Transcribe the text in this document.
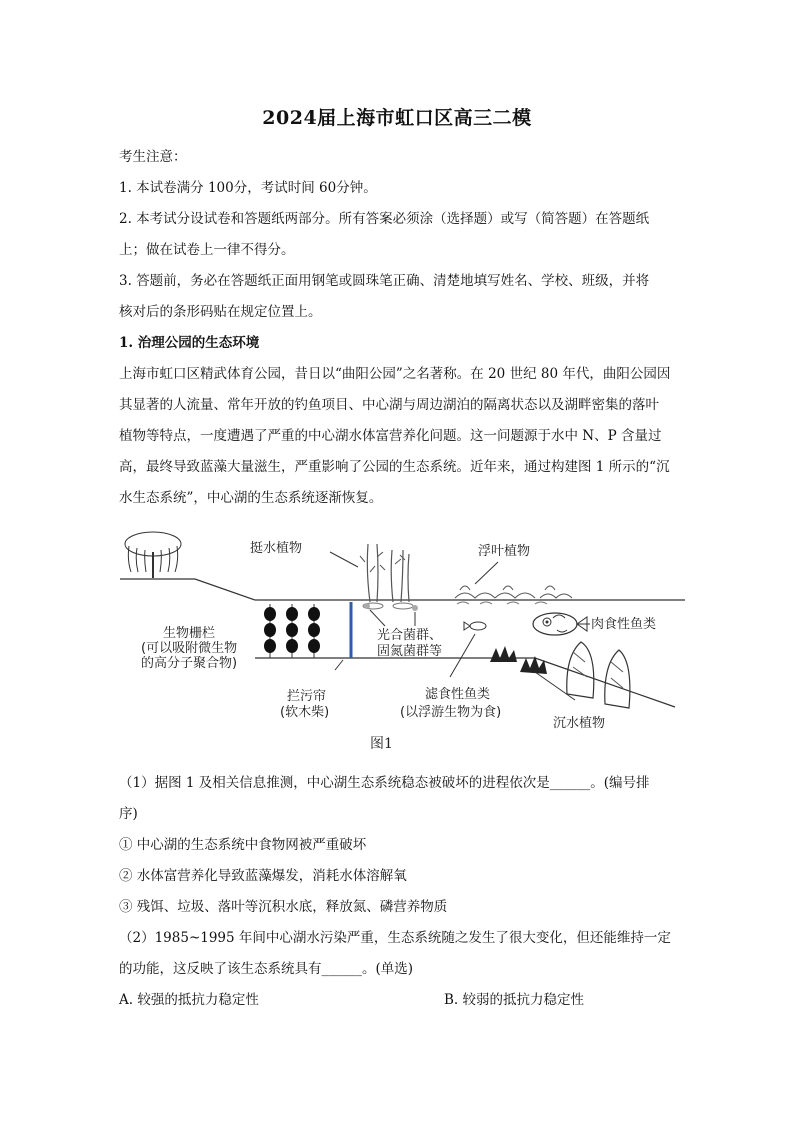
2024届上海市虹口区高三二模
考生注意：
1. 本试卷满分 100分，考试时间 60分钟。
2. 本考试分设试卷和答题纸两部分。所有答案必须涂（选择题）或写（简答题）在答题纸
上；做在试卷上一律不得分。
3. 答题前，务必在答题纸正面用钢笔或圆珠笔正确、清楚地填写姓名、学校、班级，并将
核对后的条形码贴在规定位置上。
1. 治理公园的生态环境
上海市虹口区精武体育公园，昔日以“曲阳公园”之名著称。在 20 世纪 80 年代，曲阳公园因
其显著的人流量、常年开放的钓鱼项目、中心湖与周边湖泊的隔离状态以及湖畔密集的落叶
植物等特点，一度遭遇了严重的中心湖水体富营养化问题。这一问题源于水中 N、P 含量过
高，最终导致蓝藻大量滋生，严重影响了公园的生态系统。近年来，通过构建图 1 所示的“沉
水生态系统”，中心湖的生态系统逐渐恢复。
挺水植物	浮叶植物
生物栅栏
(可以吸附微生物
的高分子聚合物)
拦污帘
(软木柴)
光合菌群、
固氮菌群等
滤食性鱼类
(以浮游生物为食)
肉食性鱼类
沉水植物
图1
（1）据图 1 及相关信息推测，中心湖生态系统稳态被破坏的进程依次是______。(编号排
序)
① 中心湖的生态系统中食物网被严重破坏
② 水体富营养化导致蓝藻爆发，消耗水体溶解氧
③ 残饵、垃圾、落叶等沉积水底，释放氮、磷营养物质
（2）1985~1995 年间中心湖水污染严重，生态系统随之发生了很大变化，但还能维持一定
的功能，这反映了该生态系统具有______。(单选)
A. 较强的抵抗力稳定性	B. 较弱的抵抗力稳定性
